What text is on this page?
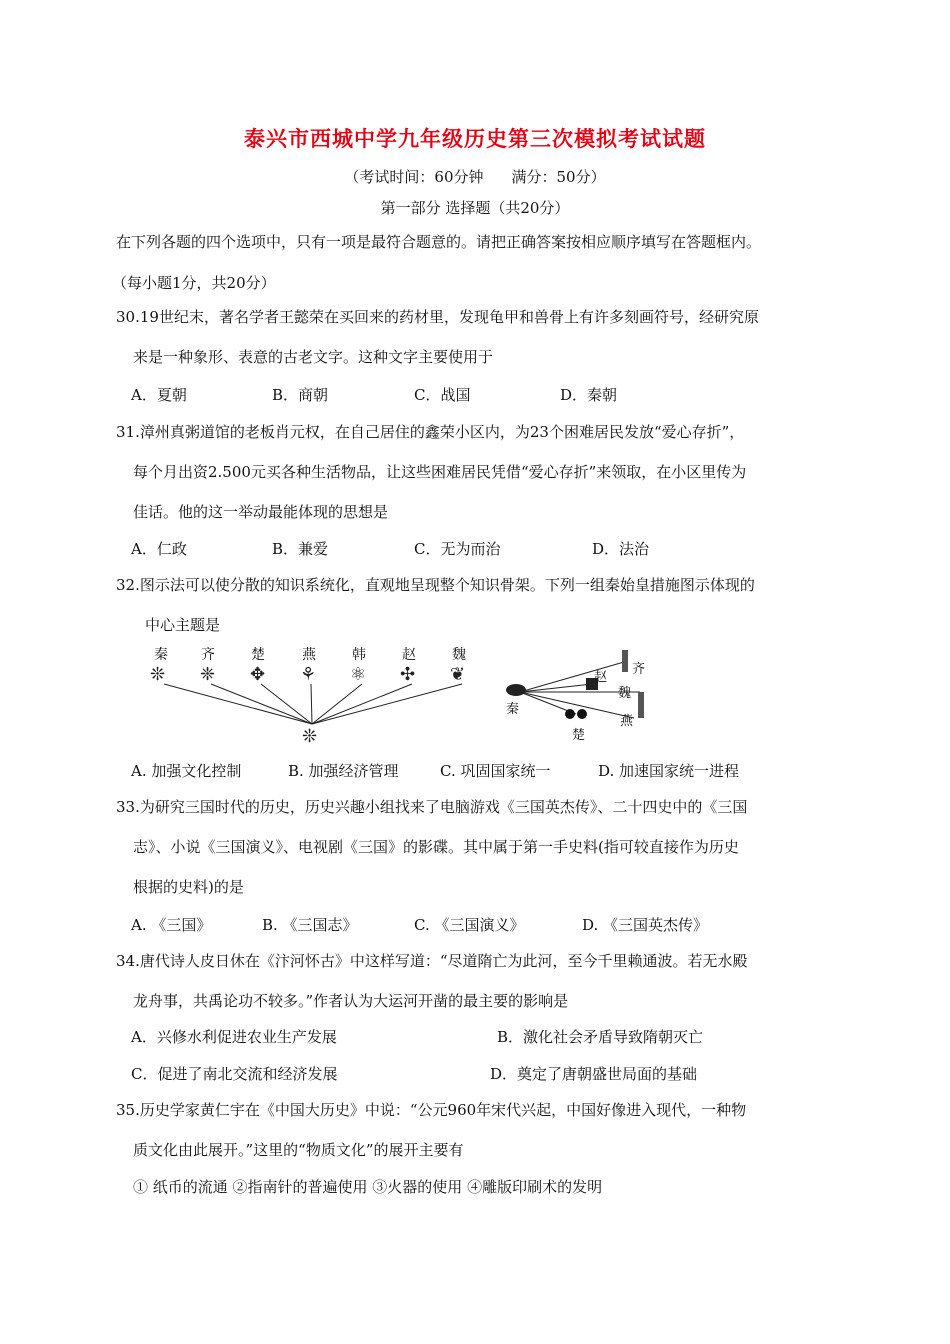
泰兴市西城中学九年级历史第三次模拟考试试题
（考试时间：60分钟 满分：50分）
第一部分 选择题（共20分）
在下列各题的四个选项中，只有一项是最符合题意的。请把正确答案按相应顺序填写在答题框内。
（每小题1分，共20分）
30.19世纪末，著名学者王懿荣在买回来的药材里，发现龟甲和兽骨上有许多刻画符号，经研究原
来是一种象形、表意的古老文字。这种文字主要使用于
A．夏朝	B．商朝	C．战国	D．秦朝
31.漳州真粥道馆的老板肖元权，在自己居住的鑫荣小区内，为23个困难居民发放“爱心存折”，
每个月出资2.500元买各种生活物品，让这些困难居民凭借“爱心存折”来领取，在小区里传为
佳话。他的这一举动最能体现的思想是
A．仁政	B．兼爱	C．无为而治	D．法治
32.图示法可以使分散的知识系统化，直观地呈现整个知识骨架。下列一组秦始皇措施图示体现的
中心主题是
秦 齐	楚	燕	韩	赵	魏
❊ ❈ ✥ ⚘ ⚛ ✣ ❦
❊
齐
赵
魏
秦
楚
燕
A. 加强文化控制	B. 加强经济管理	C. 巩固国家统一	D. 加速国家统一进程
33.为研究三国时代的历史，历史兴趣小组找来了电脑游戏《三国英杰传》、二十四史中的《三国
志》、小说《三国演义》、电视剧《三国》的影碟。其中属于第一手史料(指可较直接作为历史
根据的史料)的是
A. 《三国》	B. 《三国志》	C. 《三国演义》	D. 《三国英杰传》
34.唐代诗人皮日休在《汴河怀古》中这样写道：“尽道隋亡为此河，至今千里赖通波。若无水殿
龙舟事，共禹论功不较多。”作者认为大运河开凿的最主要的影响是
A．兴修水利促进农业生产发展	B．激化社会矛盾导致隋朝灭亡
C．促进了南北交流和经济发展	D．奠定了唐朝盛世局面的基础
35.历史学家黄仁宇在《中国大历史》中说：“公元960年宋代兴起，中国好像进入现代，一种物
质文化由此展开。”这里的“物质文化”的展开主要有
① 纸币的流通 ②指南针的普遍使用 ③火器的使用 ④雕版印刷术的发明
